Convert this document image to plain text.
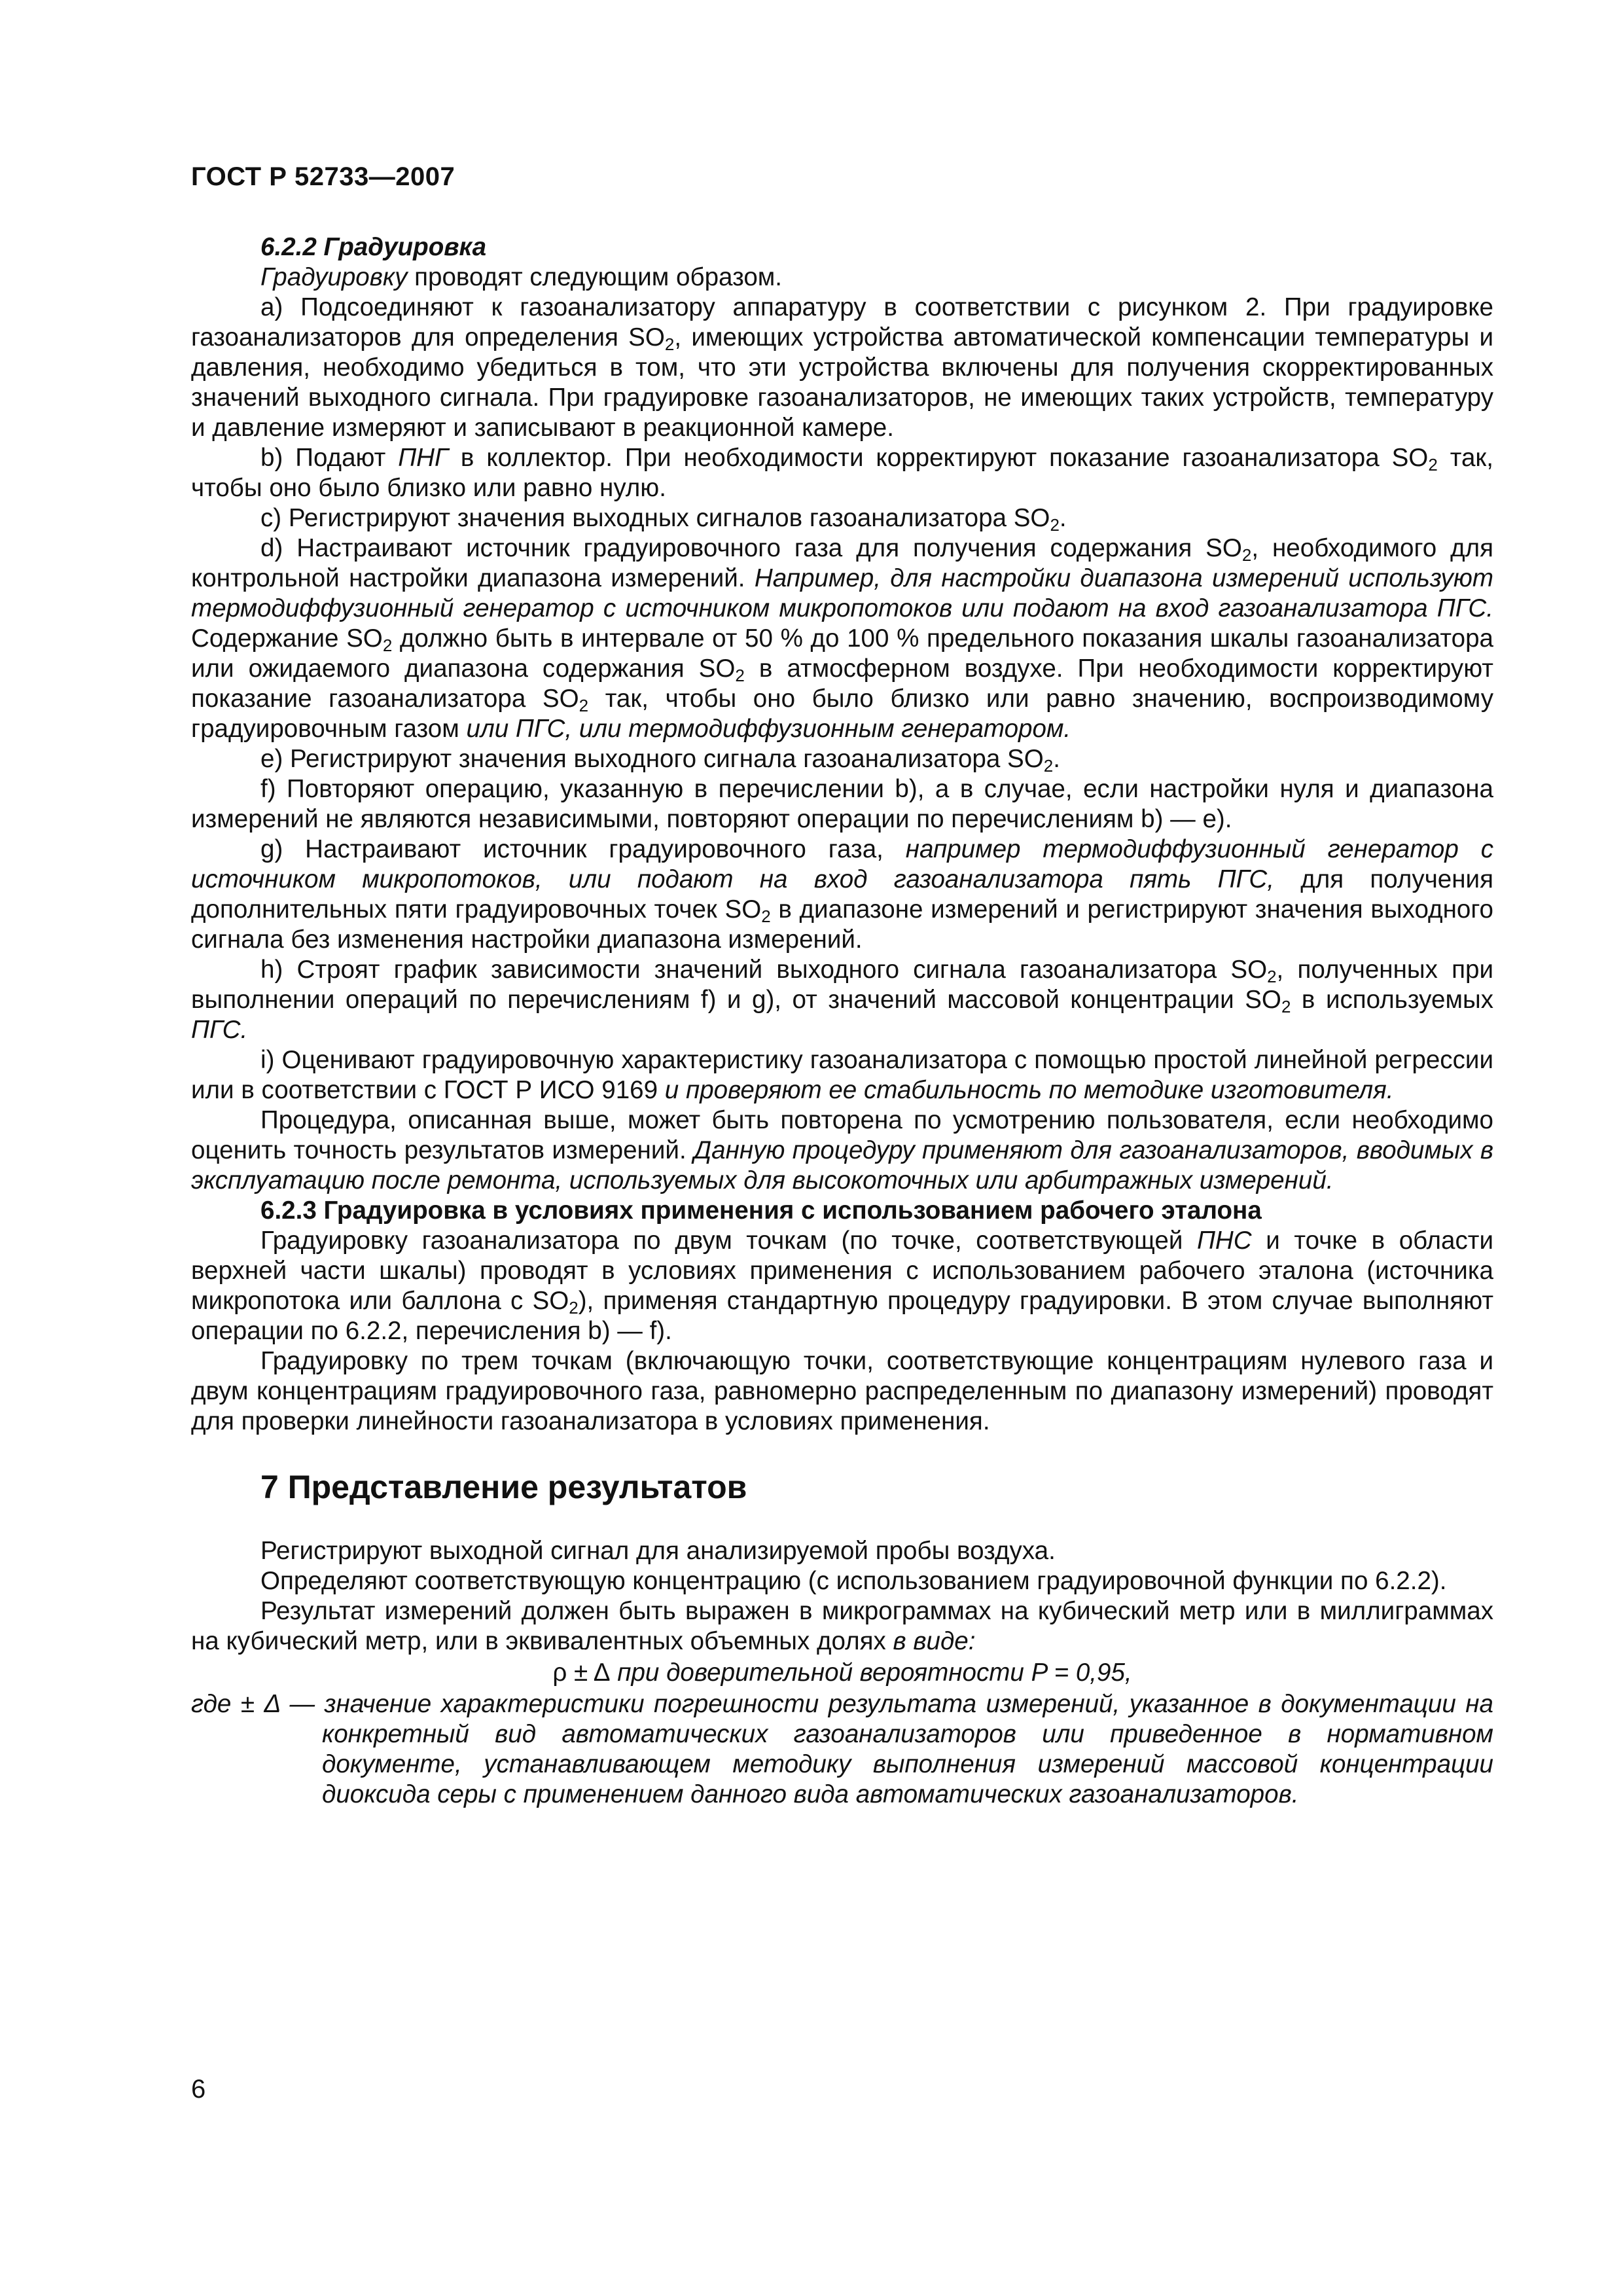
ГОСТ Р 52733—2007

6.2.2 Градуировка

Градуировку проводят следующим образом.

a) Подсоединяют к газоанализатору аппаратуру в соответствии с рисунком 2. При градуировке газоанализаторов для определения $SO_2$, имеющих устройства автоматической компенсации температуры и давления, необходимо убедиться в том, что эти устройства включены для получения скорректированных значений выходного сигнала. При градуировке газоанализаторов, не имеющих таких устройств, температуру и давление измеряют и записывают в реакционной камере.

b) Подают ПНГ в коллектор. При необходимости корректируют показание газоанализатора $SO_2$ так, чтобы оно было близко или равно нулю.

c) Регистрируют значения выходных сигналов газоанализатора $SO_2$.

d) Настраивают источник градуировочного газа для получения содержания $SO_2$, необходимого для контрольной настройки диапазона измерений. Например, для настройки диапазона измерений используют термодиффузионный генератор с источником микропотоков или подают на вход газоанализатора ПГС. Содержание $SO_2$ должно быть в интервале от 50 % до 100 % предельного показания шкалы газоанализатора или ожидаемого диапазона содержания $SO_2$ в атмосферном воздухе. При необходимости корректируют показание газоанализатора $SO_2$ так, чтобы оно было близко или равно значению, воспроизводимому градуировочным газом или ПГС, или термодиффузионным генератором.

e) Регистрируют значения выходного сигнала газоанализатора $SO_2$.

f) Повторяют операцию, указанную в перечислении b), а в случае, если настройки нуля и диапазона измерений не являются независимыми, повторяют операции по перечислениям b) — e).

g) Настраивают источник градуировочного газа, например термодиффузионный генератор с источником микропотоков, или подают на вход газоанализатора пять ПГС, для получения дополнительных пяти градуировочных точек $SO_2$ в диапазоне измерений и регистрируют значения выходного сигнала без изменения настройки диапазона измерений.

h) Строят график зависимости значений выходного сигнала газоанализатора $SO_2$, полученных при выполнении операций по перечислениям f) и g), от значений массовой концентрации $SO_2$ в используемых ПГС.

i) Оценивают градуировочную характеристику газоанализатора с помощью простой линейной регрессии или в соответствии с ГОСТ Р ИСО 9169 и проверяют ее стабильность по методике изготовителя.

Процедура, описанная выше, может быть повторена по усмотрению пользователя, если необходимо оценить точность результатов измерений. Данную процедуру применяют для газоанализаторов, вводимых в эксплуатацию после ремонта, используемых для высокоточных или арбитражных измерений.

6.2.3 Градуировка в условиях применения с использованием рабочего эталона

Градуировку газоанализатора по двум точкам (по точке, соответствующей ПНС и точке в области верхней части шкалы) проводят в условиях применения с использованием рабочего эталона (источника микропотока или баллона с $SO_2$), применяя стандартную процедуру градуировки. В этом случае выполняют операции по 6.2.2, перечисления b) — f).

Градуировку по трем точкам (включающую точки, соответствующие концентрациям нулевого газа и двум концентрациям градуировочного газа, равномерно распределенным по диапазону измерений) проводят для проверки линейности газоанализатора в условиях применения.

7 Представление результатов

Регистрируют выходной сигнал для анализируемой пробы воздуха.

Определяют соответствующую концентрацию (с использованием градуировочной функции по 6.2.2).

Результат измерений должен быть выражен в микрограммах на кубический метр или в миллиграммах на кубический метр, или в эквивалентных объемных долях в виде:

ρ ± Δ при доверительной вероятности P = 0,95,
где ± Δ — значение характеристики погрешности результата измерений, указанное в документации на конкретный вид автоматических газоанализаторов или приведенное в нормативном документе, устанавливающем методику выполнения измерений массовой концентрации диоксида серы с применением данного вида автоматических газоанализаторов.
6
